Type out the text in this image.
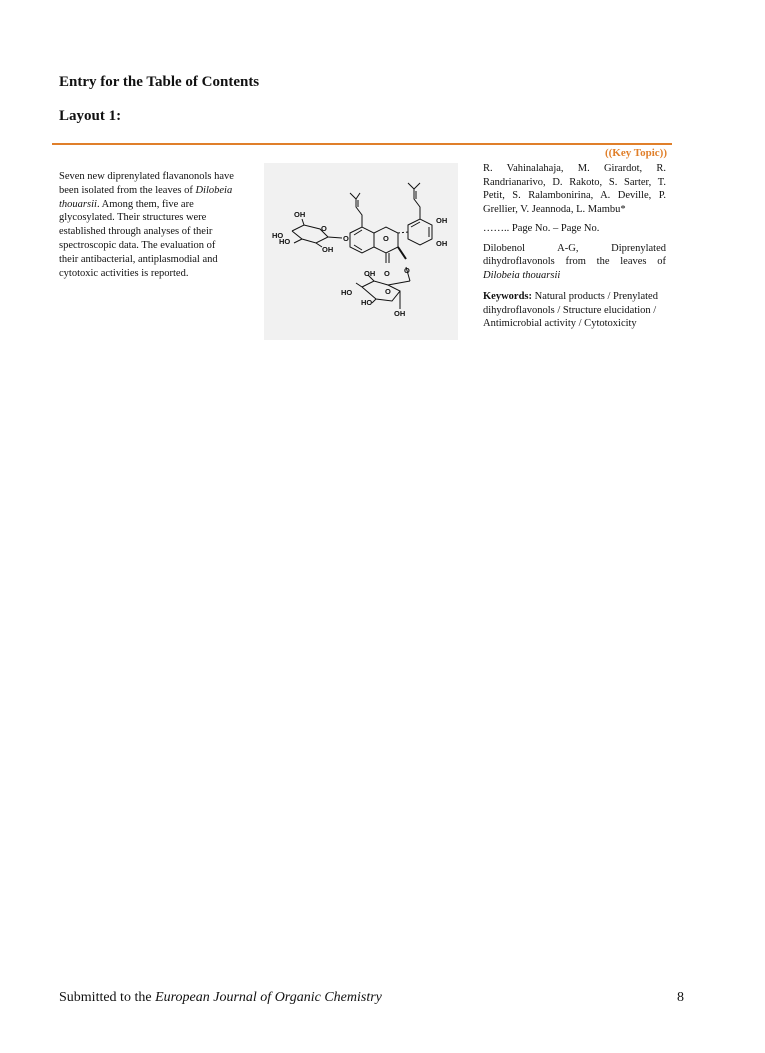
Entry for the Table of Contents
Layout 1:
((Key Topic))
Seven new diprenylated flavanonols have been isolated from the leaves of Dilobeia thouarsii. Among them, five are glycosylated. Their structures were established through analyses of their spectroscopic data. The evaluation of their antibacterial, antiplasmodial and cytotoxic activities is reported.
OH
HO
HO
OH
O
O	O
OH
OH
OH O O
HO	O
HO
OH

R. Vahinalahaja, M. Girardot, R. Randrianarivo, D. Rakoto, S. Sarter, T. Petit, S. Ralambonirina, A. Deville, P. Grellier, V. Jeannoda, L. Mambu*

…….. Page No. – Page No.

Dilobenol A-G, Diprenylated dihydroflavonols from the leaves of Dilobeia thouarsii

Keywords: Natural products / Prenylated dihydroflavonols / Structure elucidation / Antimicrobial activity / Cytotoxicity

Submitted to the European Journal of Organic Chemistry	8
